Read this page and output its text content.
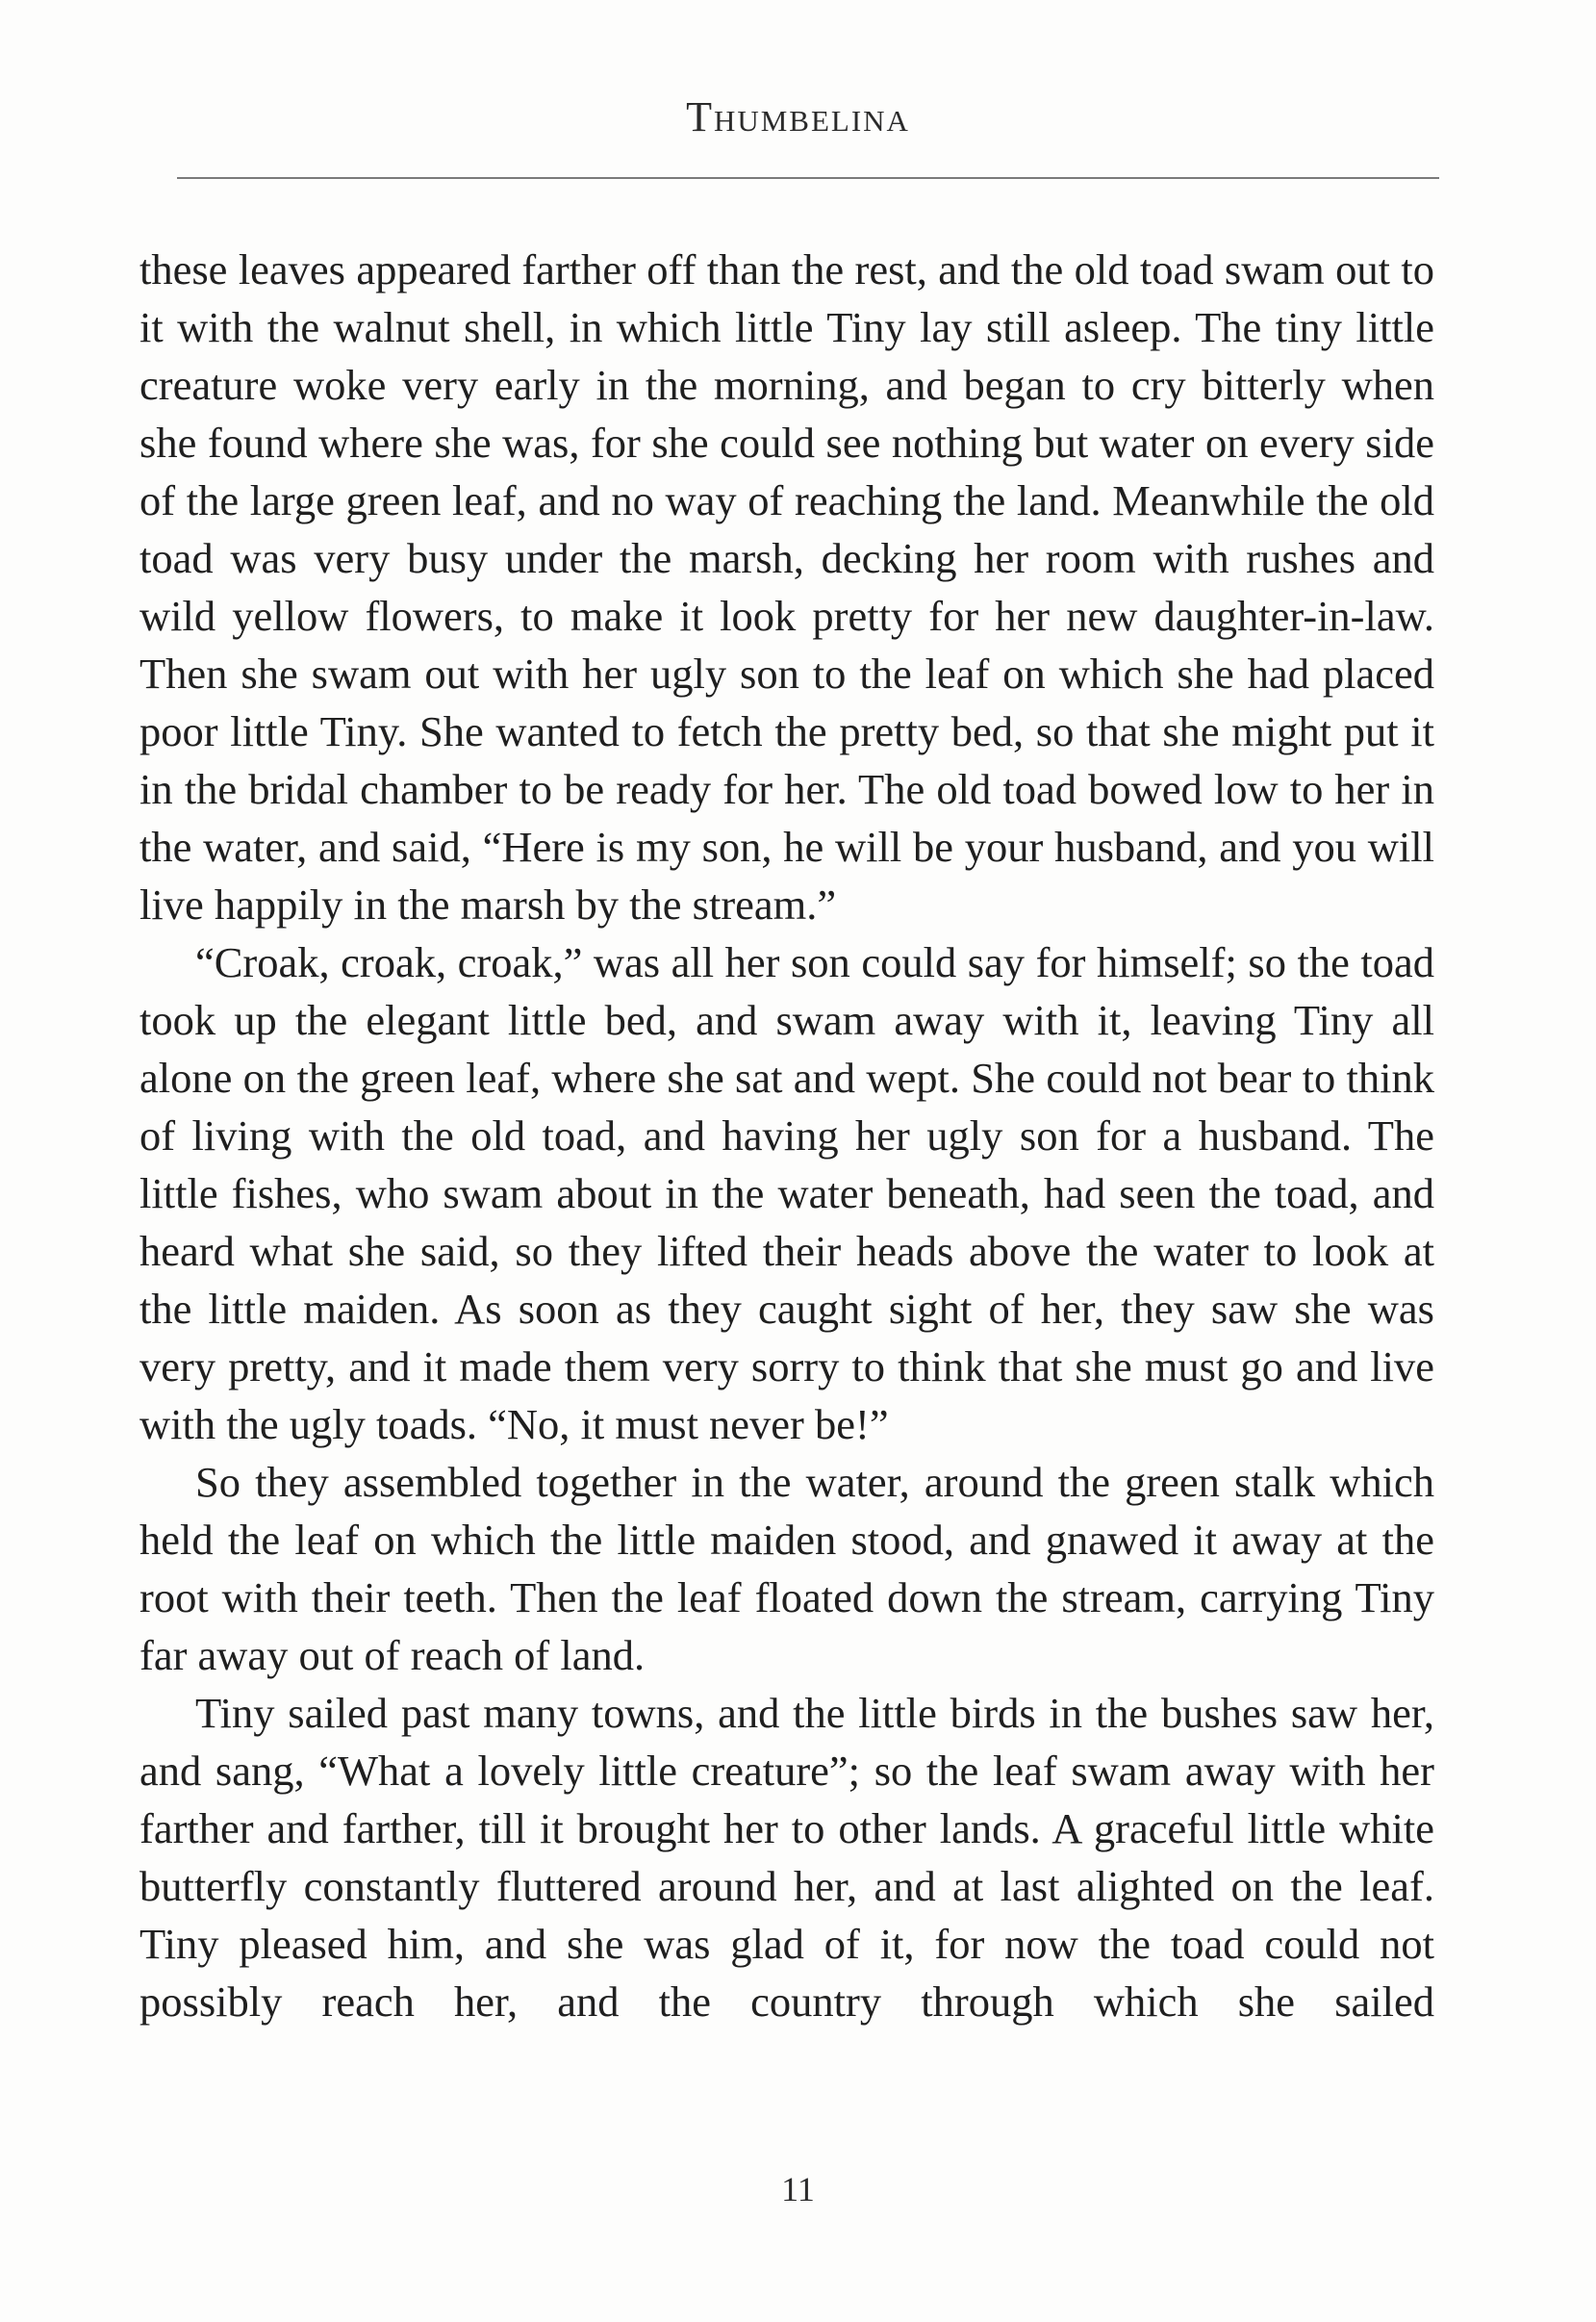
Thumbelina

these leaves appeared farther off than the rest, and the old toad swam out to it with the walnut shell, in which little Tiny lay still asleep. The tiny little creature woke very early in the morning, and began to cry bitterly when she found where she was, for she could see nothing but water on every side of the large green leaf, and no way of reaching the land. Meanwhile the old toad was very busy under the marsh, decking her room with rushes and wild yellow flowers, to make it look pretty for her new daughter-in-law. Then she swam out with her ugly son to the leaf on which she had placed poor little Tiny. She wanted to fetch the pretty bed, so that she might put it in the bridal chamber to be ready for her. The old toad bowed low to her in the water, and said, “Here is my son, he will be your husband, and you will live happily in the marsh by the stream.”

“Croak, croak, croak,” was all her son could say for himself; so the toad took up the elegant little bed, and swam away with it, leaving Tiny all alone on the green leaf, where she sat and wept. She could not bear to think of living with the old toad, and having her ugly son for a husband. The little fishes, who swam about in the water beneath, had seen the toad, and heard what she said, so they lifted their heads above the water to look at the little maiden. As soon as they caught sight of her, they saw she was very pretty, and it made them very sorry to think that she must go and live with the ugly toads. “No, it must never be!”

So they assembled together in the water, around the green stalk which held the leaf on which the little maiden stood, and gnawed it away at the root with their teeth. Then the leaf floated down the stream, carrying Tiny far away out of reach of land.

Tiny sailed past many towns, and the little birds in the bushes saw her, and sang, “What a lovely little creature”; so the leaf swam away with her farther and farther, till it brought her to other lands. A graceful little white butterfly constantly fluttered around her, and at last alighted on the leaf. Tiny pleased him, and she was glad of it, for now the toad could not possibly reach her, and the country through which she sailed

11
